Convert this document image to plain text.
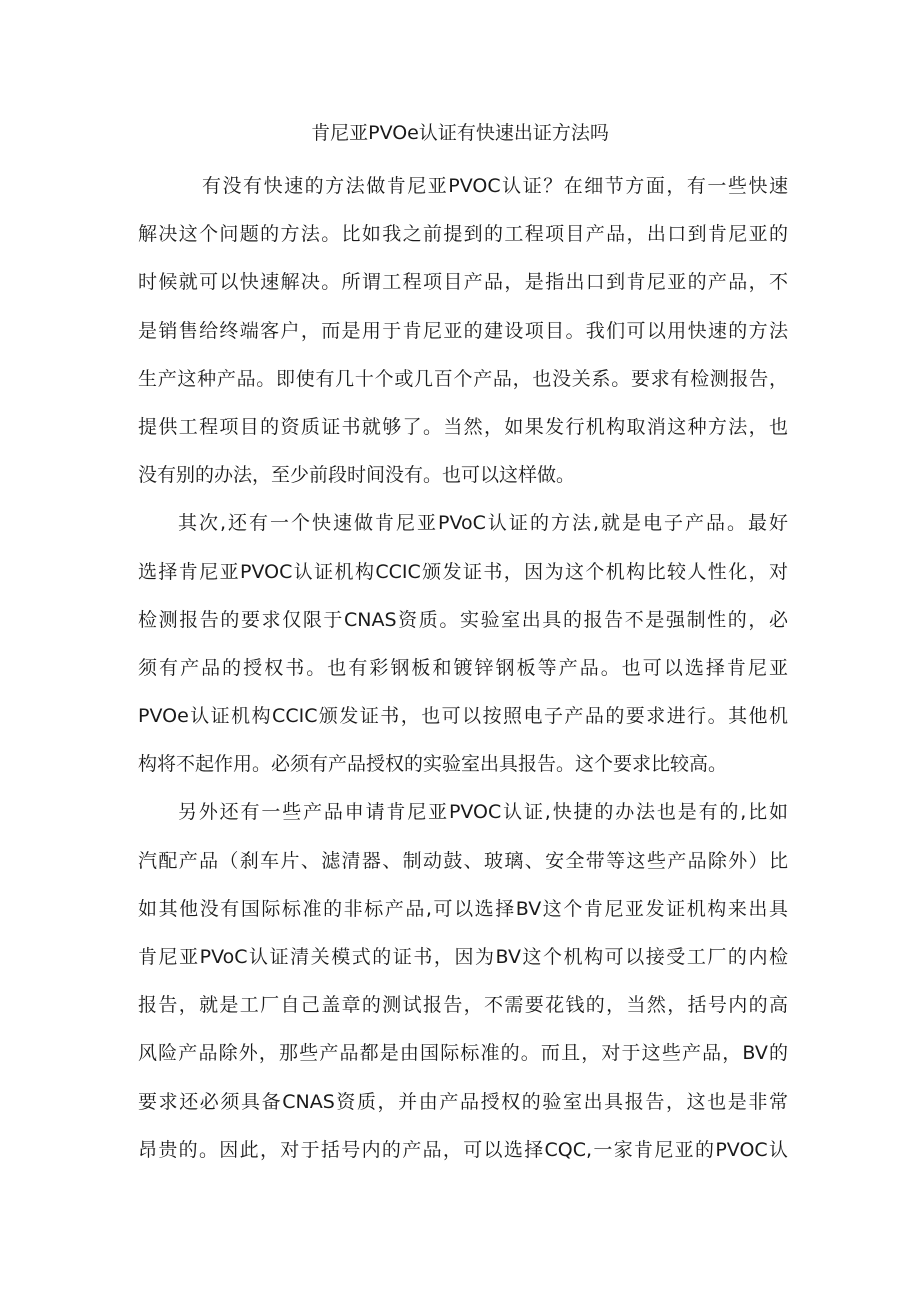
肯尼亚PVOe认证有快速出证方法吗
有没有快速的方法做肯尼亚PVOC认证？在细节方面，有一些快速
解决这个问题的方法。比如我之前提到的工程项目产品，出口到肯尼亚的
时候就可以快速解决。所谓工程项目产品，是指出口到肯尼亚的产品，不
是销售给终端客户，而是用于肯尼亚的建设项目。我们可以用快速的方法
生产这种产品。即使有几十个或几百个产品，也没关系。要求有检测报告，
提供工程项目的资质证书就够了。当然，如果发行机构取消这种方法，也
没有别的办法，至少前段时间没有。也可以这样做。
其次,还有一个快速做肯尼亚PVoC认证的方法,就是电子产品。最好
选择肯尼亚PVOC认证机构CCIC颁发证书，因为这个机构比较人性化，对
检测报告的要求仅限于CNAS资质。实验室出具的报告不是强制性的，必
须有产品的授权书。也有彩钢板和镀锌钢板等产品。也可以选择肯尼亚
PVOe认证机构CCIC颁发证书，也可以按照电子产品的要求进行。其他机
构将不起作用。必须有产品授权的实验室出具报告。这个要求比较高。
另外还有一些产品申请肯尼亚PVOC认证,快捷的办法也是有的,比如
汽配产品（刹车片、滤清器、制动鼓、玻璃、安全带等这些产品除外）比
如其他没有国际标准的非标产品,可以选择BV这个肯尼亚发证机构来出具
肯尼亚PVoC认证清关模式的证书，因为BV这个机构可以接受工厂的内检
报告，就是工厂自己盖章的测试报告，不需要花钱的，当然，括号内的高
风险产品除外，那些产品都是由国际标准的。而且，对于这些产品，BV的
要求还必须具备CNAS资质，并由产品授权的验室出具报告，这也是非常
昂贵的。因此，对于括号内的产品，可以选择CQC,一家肯尼亚的PVOC认
